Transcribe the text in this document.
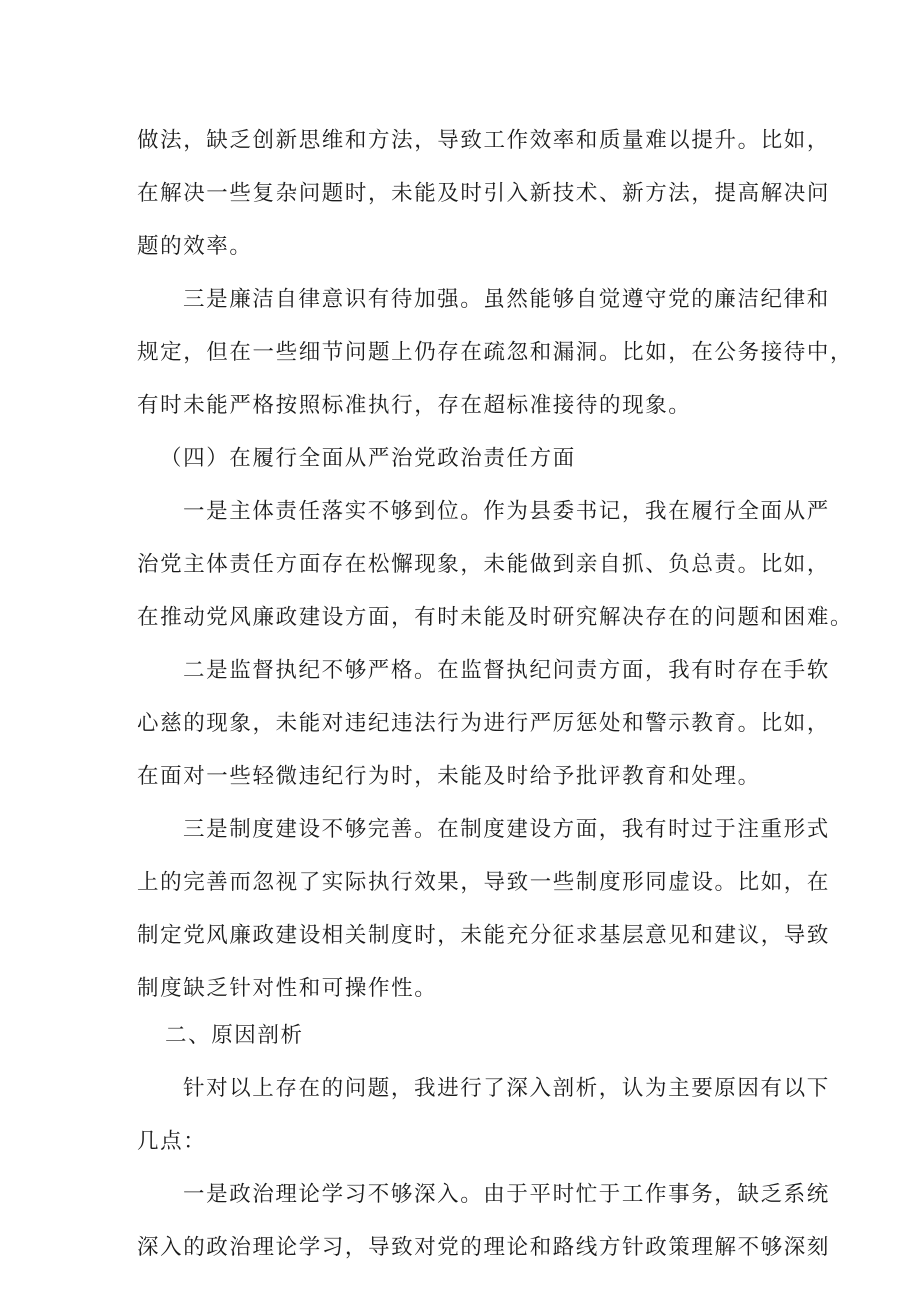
做法，缺乏创新思维和方法，导致工作效率和质量难以提升。比如，
在解决一些复杂问题时，未能及时引入新技术、新方法，提高解决问
题的效率。
三是廉洁自律意识有待加强。虽然能够自觉遵守党的廉洁纪律和
规定，但在一些细节问题上仍存在疏忽和漏洞。比如，在公务接待中，
有时未能严格按照标准执行，存在超标准接待的现象。
（四）在履行全面从严治党政治责任方面
一是主体责任落实不够到位。作为县委书记，我在履行全面从严
治党主体责任方面存在松懈现象，未能做到亲自抓、负总责。比如，
在推动党风廉政建设方面，有时未能及时研究解决存在的问题和困难。
二是监督执纪不够严格。在监督执纪问责方面，我有时存在手软
心慈的现象，未能对违纪违法行为进行严厉惩处和警示教育。比如，
在面对一些轻微违纪行为时，未能及时给予批评教育和处理。
三是制度建设不够完善。在制度建设方面，我有时过于注重形式
上的完善而忽视了实际执行效果，导致一些制度形同虚设。比如，在
制定党风廉政建设相关制度时，未能充分征求基层意见和建议，导致
制度缺乏针对性和可操作性。
二、原因剖析
针对以上存在的问题，我进行了深入剖析，认为主要原因有以下
几点：
一是政治理论学习不够深入。由于平时忙于工作事务，缺乏系统
深入的政治理论学习，导致对党的理论和路线方针政策理解不够深刻
